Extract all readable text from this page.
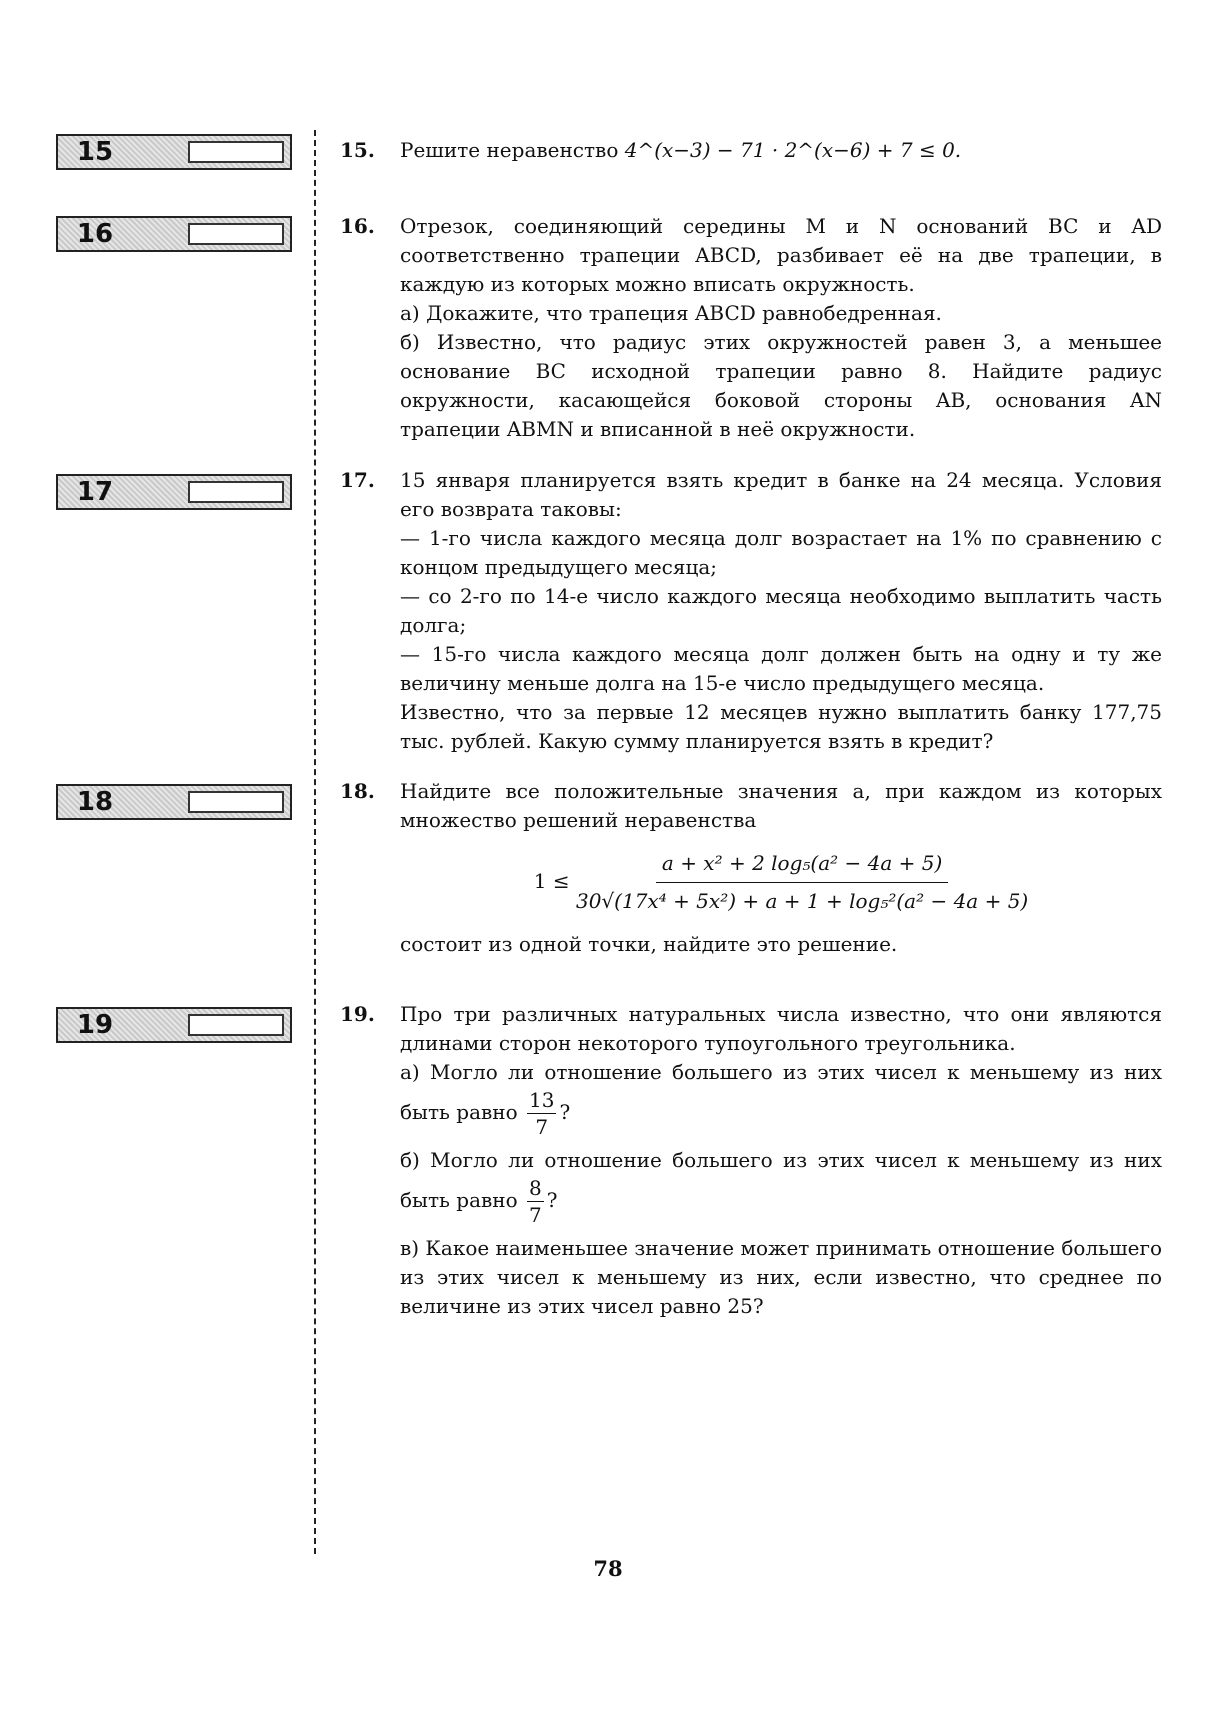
15
16
17
18
19
15.	Решите неравенство 4^(x−3) − 71 · 2^(x−6) + 7 ≤ 0.
16.	Отрезок, соединяющий середины M и N оснований BC и AD соответственно трапеции ABCD, разбивает её на две трапеции, в каждую из которых можно вписать окружность.

а) Докажите, что трапеция ABCD равнобедренная.

б) Известно, что радиус этих окружностей равен 3, а меньшее основание BC исходной трапеции равно 8. Найдите радиус окружности, касающейся боковой стороны AB, основания AN трапеции ABMN и вписанной в неё окружности.

17.	15 января планируется взять кредит в банке на 24 месяца. Условия его возврата таковы:

— 1-го числа каждого месяца долг возрастает на 1% по сравнению с концом предыдущего месяца;

— со 2-го по 14-е число каждого месяца необходимо выплатить часть долга;

— 15-го числа каждого месяца долг должен быть на одну и ту же величину меньше долга на 15-е число предыдущего месяца.

Известно, что за первые 12 месяцев нужно выплатить банку 177,75 тыс. рублей. Какую сумму планируется взять в кредит?

18.	Найдите все положительные значения a, при каждом из которых множество решений неравенства

$1 \le \frac{\text{a + x² + 2 log₅(a² − 4a + 5)}}{\text{30√(17x⁴ + 5x²) + a + 1 + log₅²(a² − 4a + 5)}}$

состоит из одной точки, найдите это решение.

19.	Про три различных натуральных числа известно, что они являются длинами сторон некоторого тупоугольного треугольника.

а) Могло ли отношение большего из этих чисел к меньшему из них быть равно $\frac{13}{7}$ ?

б) Могло ли отношение большего из этих чисел к меньшему из них быть равно $\frac{8}{7}$ ?

в) Какое наименьшее значение может принимать отношение большего из этих чисел к меньшему из них, если известно, что среднее по величине из этих чисел равно 25?

78
